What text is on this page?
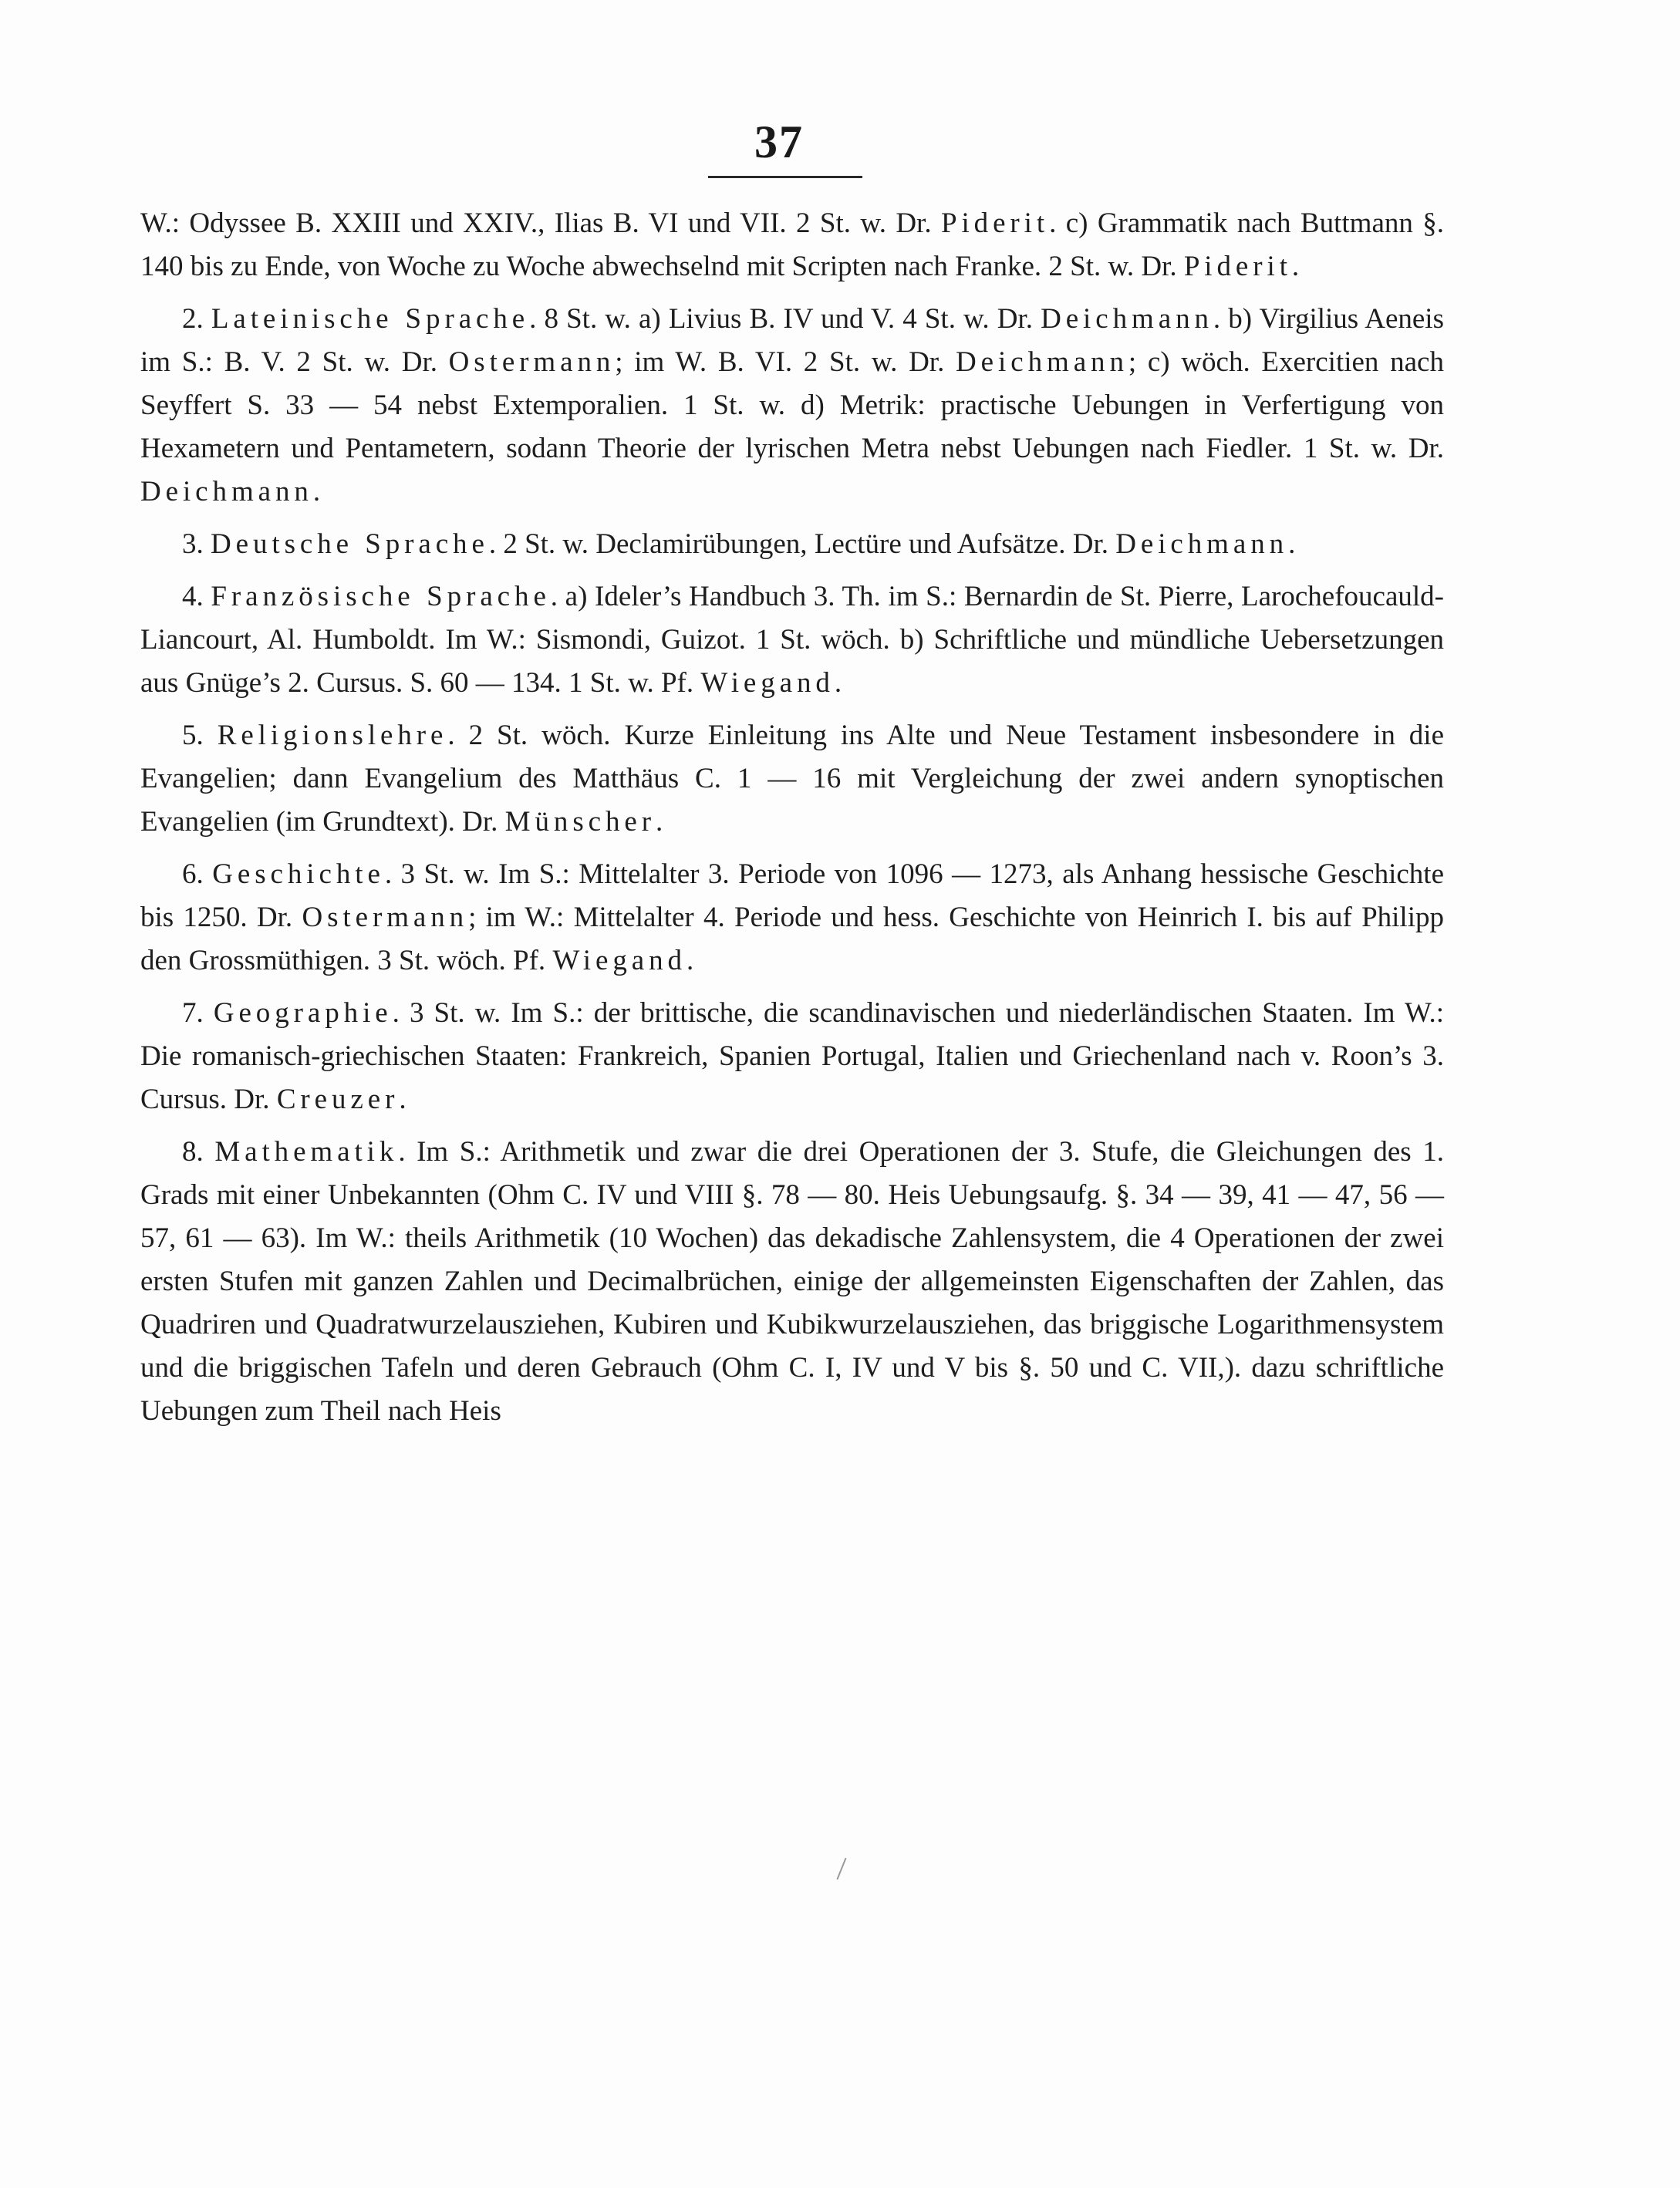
37

W.: Odyssee B. XXIII und XXIV., Ilias B. VI und VII. 2 St. w. Dr. Piderit. c) Grammatik nach Buttmann §. 140 bis zu Ende, von Woche zu Woche abwechselnd mit Scripten nach Franke. 2 St. w. Dr. Piderit.

2. Lateinische Sprache. 8 St. w. a) Livius B. IV und V. 4 St. w. Dr. Deichmann. b) Virgilius Aeneis im S.: B. V. 2 St. w. Dr. Ostermann; im W. B. VI. 2 St. w. Dr. Deichmann; c) wöch. Exercitien nach Seyffert S. 33 — 54 nebst Extemporalien. 1 St. w. d) Metrik: practische Uebungen in Verfertigung von Hexametern und Pentametern, sodann Theorie der lyrischen Metra nebst Uebungen nach Fiedler. 1 St. w. Dr. Deichmann.

3. Deutsche Sprache. 2 St. w. Declamirübungen, Lectüre und Aufsätze. Dr. Deichmann.

4. Französische Sprache. a) Ideler’s Handbuch 3. Th. im S.: Bernardin de St. Pierre, Larochefoucauld-Liancourt, Al. Humboldt. Im W.: Sismondi, Guizot. 1 St. wöch. b) Schriftliche und mündliche Uebersetzungen aus Gnüge’s 2. Cursus. S. 60 — 134. 1 St. w. Pf. Wiegand.

5. Religionslehre. 2 St. wöch. Kurze Einleitung ins Alte und Neue Testament insbesondere in die Evangelien; dann Evangelium des Matthäus C. 1 — 16 mit Vergleichung der zwei andern synoptischen Evangelien (im Grundtext). Dr. Münscher.

6. Geschichte. 3 St. w. Im S.: Mittelalter 3. Periode von 1096 — 1273, als Anhang hessische Geschichte bis 1250. Dr. Ostermann; im W.: Mittelalter 4. Periode und hess. Geschichte von Heinrich I. bis auf Philipp den Grossmüthigen. 3 St. wöch. Pf. Wiegand.

7. Geographie. 3 St. w. Im S.: der brittische, die scandinavischen und niederländischen Staaten. Im W.: Die romanisch-griechischen Staaten: Frankreich, Spanien Portugal, Italien und Griechenland nach v. Roon’s 3. Cursus. Dr. Creuzer.

8. Mathematik. Im S.: Arithmetik und zwar die drei Operationen der 3. Stufe, die Gleichungen des 1. Grads mit einer Unbekannten (Ohm C. IV und VIII §. 78 — 80. Heis Uebungsaufg. §. 34 — 39, 41 — 47, 56 — 57, 61 — 63). Im W.: theils Arithmetik (10 Wochen) das dekadische Zahlensystem, die 4 Operationen der zwei ersten Stufen mit ganzen Zahlen und Decimalbrüchen, einige der allgemeinsten Eigenschaften der Zahlen, das Quadriren und Quadratwurzelausziehen, Kubiren und Kubikwurzelausziehen, das briggische Logarithmensystem und die briggischen Tafeln und deren Gebrauch (Ohm C. I, IV und V bis §. 50 und C. VII,). dazu schriftliche Uebungen zum Theil nach Heis
